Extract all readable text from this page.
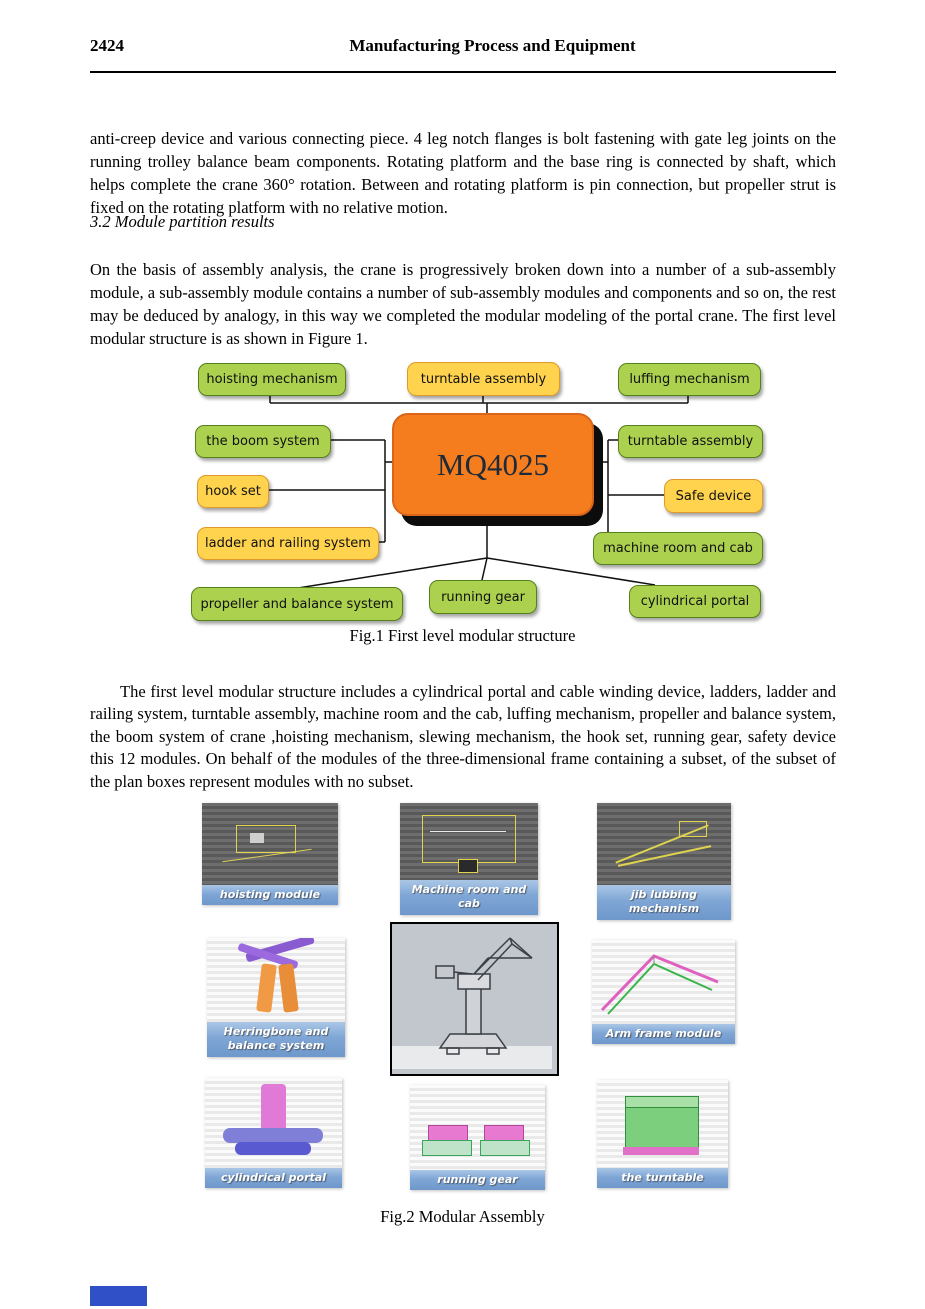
2424	Manufacturing Process and Equipment

anti-creep device and various connecting piece. 4 leg notch flanges is bolt fastening with gate leg joints on the running trolley balance beam components. Rotating platform and the base ring is connected by shaft, which helps complete the crane 360° rotation. Between and rotating platform is pin connection, but propeller strut is fixed on the rotating platform with no relative motion.

3.2 Module partition results

On the basis of assembly analysis, the crane is progressively broken down into a number of a sub-assembly module, a sub-assembly module contains a number of sub-assembly modules and components and so on, the rest may be deduced by analogy, in this way we completed the modular modeling of the portal crane. The first level modular structure is as shown in Figure 1.

hoisting mechanism	turntable assembly	luffing mechanism
the boom system	turntable assembly
hook set	Safe device
ladder and railing system	machine room and cab
propeller and balance system	running gear	cylindrical portal
MQ4025
Fig.1 First level modular structure

The first level modular structure includes a cylindrical portal and cable winding device, ladders, ladder and railing system, turntable assembly, machine room and the cab, luffing mechanism, propeller and balance system, the boom system of crane ,hoisting mechanism, slewing mechanism, the hook set, running gear, safety device this 12 modules. On behalf of the modules of the three-dimensional frame containing a subset, of the subset of the plan boxes represent modules with no subset.

hoisting module	Machine room and cab
jib lubbing mechanism
Herringbone and balance system
Arm frame module
cylindrical portal	running gear	the turntable
Fig.2 Modular Assembly
